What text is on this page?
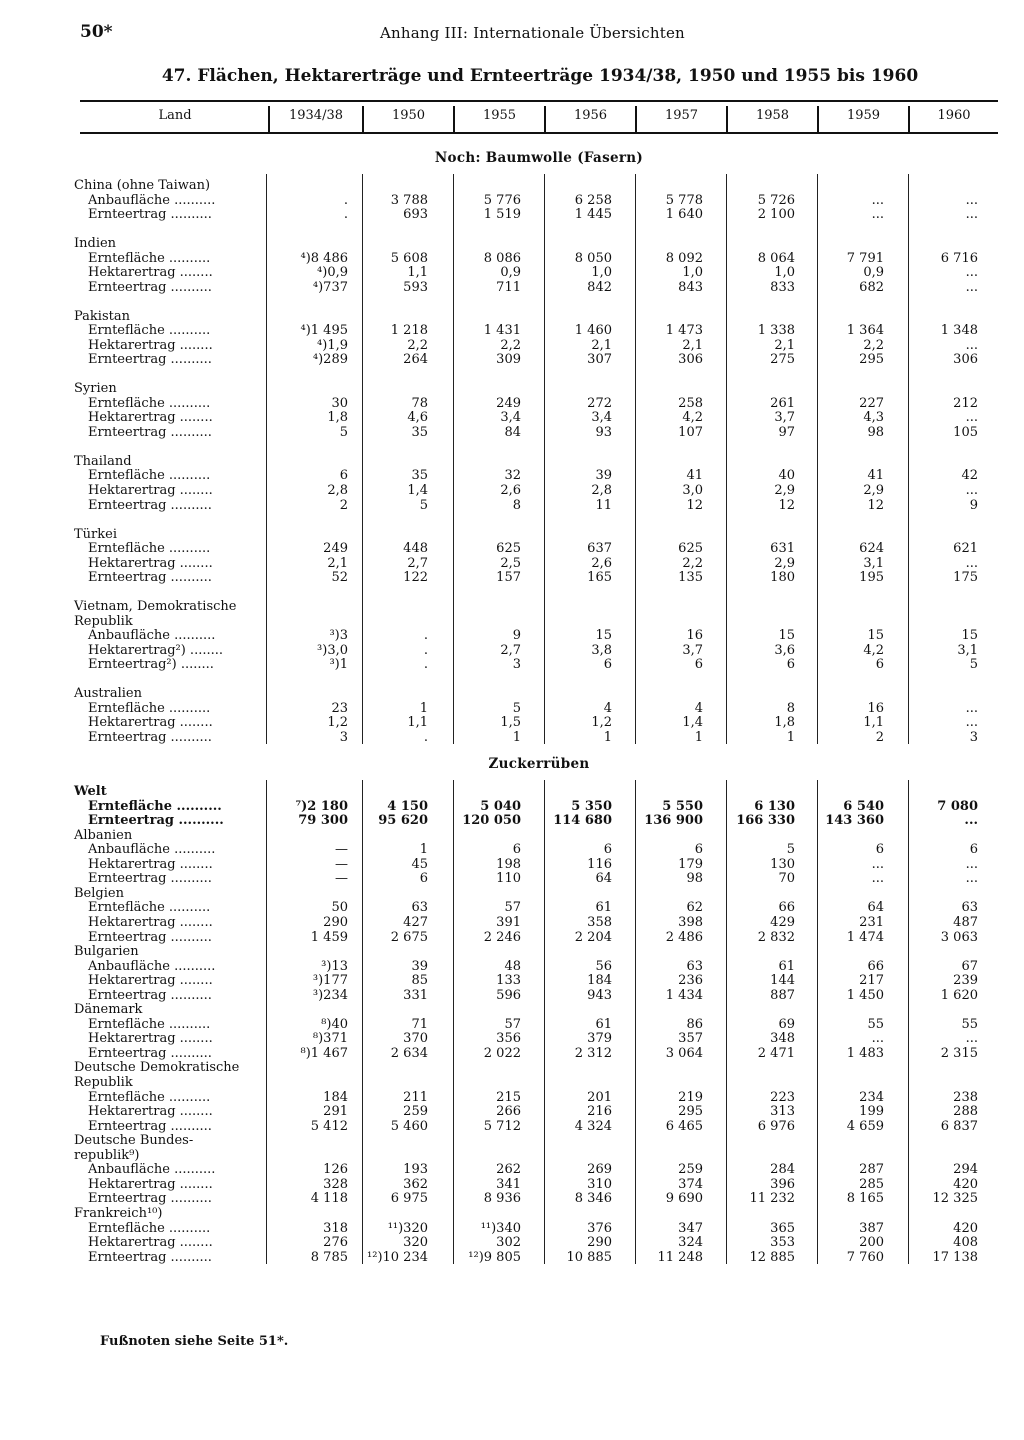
50*	Anhang III: Internationale Übersichten
47. Flächen, Hektarerträge und Ernteerträge 1934/38, 1950 und 1955 bis 1960
Land	1934/38	1950	1955	1956	1957	1958	1959	1960
Noch: Baumwolle (Fasern)
China (ohne Taiwan)
Anbaufläche ..........	.	3 788	5 776	6 258	5 778	5 726	...	...
Ernteertrag ..........	.	693	1 519	1 445	1 640	2 100	...	...
Indien
Erntefläche ..........	⁴)8 486	5 608	8 086	8 050	8 092	8 064	7 791	6 716
Hektarertrag ........	⁴)0,9	1,1	0,9	1,0	1,0	1,0	0,9	...
Ernteertrag ..........	⁴)737	593	711	842	843	833	682	...
Pakistan
Erntefläche ..........	⁴)1 495	1 218	1 431	1 460	1 473	1 338	1 364	1 348
Hektarertrag ........	⁴)1,9	2,2	2,2	2,1	2,1	2,1	2,2	...
Ernteertrag ..........	⁴)289	264	309	307	306	275	295	306
Syrien
Erntefläche ..........	30	78	249	272	258	261	227	212
Hektarertrag ........	1,8	4,6	3,4	3,4	4,2	3,7	4,3	...
Ernteertrag ..........	5	35	84	93	107	97	98	105
Thailand
Erntefläche ..........	6	35	32	39	41	40	41	42
Hektarertrag ........	2,8	1,4	2,6	2,8	3,0	2,9	2,9	...
Ernteertrag ..........	2	5	8	11	12	12	12	9
Türkei
Erntefläche ..........	249	448	625	637	625	631	624	621
Hektarertrag ........	2,1	2,7	2,5	2,6	2,2	2,9	3,1	...
Ernteertrag ..........	52	122	157	165	135	180	195	175
Vietnam, Demokratische
Republik
Anbaufläche ..........	³)3	.	9	15	16	15	15	15
Hektarertrag²) ........	³)3,0	.	2,7	3,8	3,7	3,6	4,2	3,1
Ernteertrag²) ........	³)1	.	3	6	6	6	6	5
Australien
Erntefläche ..........	23	1	5	4	4	8	16	...
Hektarertrag ........	1,2	1,1	1,5	1,2	1,4	1,8	1,1	...
Ernteertrag ..........	3	.	1	1	1	1	2	3
Zuckerrüben
Welt
Erntefläche ..........	⁷)2 180	4 150	5 040	5 350	5 550	6 130	6 540	7 080
Ernteertrag ..........	79 300	95 620	120 050	114 680	136 900	166 330	143 360	...
Albanien
Anbaufläche ..........	—	1	6	6	6	5	6	6
Hektarertrag ........	—	45	198	116	179	130	...	...
Ernteertrag ..........	—	6	110	64	98	70	...	...
Belgien
Erntefläche ..........	50	63	57	61	62	66	64	63
Hektarertrag ........	290	427	391	358	398	429	231	487
Ernteertrag ..........	1 459	2 675	2 246	2 204	2 486	2 832	1 474	3 063
Bulgarien
Anbaufläche ..........	³)13	39	48	56	63	61	66	67
Hektarertrag ........	³)177	85	133	184	236	144	217	239
Ernteertrag ..........	³)234	331	596	943	1 434	887	1 450	1 620
Dänemark
Erntefläche ..........	⁸)40	71	57	61	86	69	55	55
Hektarertrag ........	⁸)371	370	356	379	357	348	...	...
Ernteertrag ..........	⁸)1 467	2 634	2 022	2 312	3 064	2 471	1 483	2 315
Deutsche Demokratische
Republik
Erntefläche ..........	184	211	215	201	219	223	234	238
Hektarertrag ........	291	259	266	216	295	313	199	288
Ernteertrag ..........	5 412	5 460	5 712	4 324	6 465	6 976	4 659	6 837
Deutsche Bundes-
republik⁹)
Anbaufläche ..........	126	193	262	269	259	284	287	294
Hektarertrag ........	328	362	341	310	374	396	285	420
Ernteertrag ..........	4 118	6 975	8 936	8 346	9 690	11 232	8 165	12 325
Frankreich¹⁰)
Erntefläche ..........	318	¹¹)320	¹¹)340	376	347	365	387	420
Hektarertrag ........	276	320	302	290	324	353	200	408
Ernteertrag ..........	8 785	¹²)10 234	¹²)9 805	10 885	11 248	12 885	7 760	17 138
Fußnoten siehe Seite 51*.
